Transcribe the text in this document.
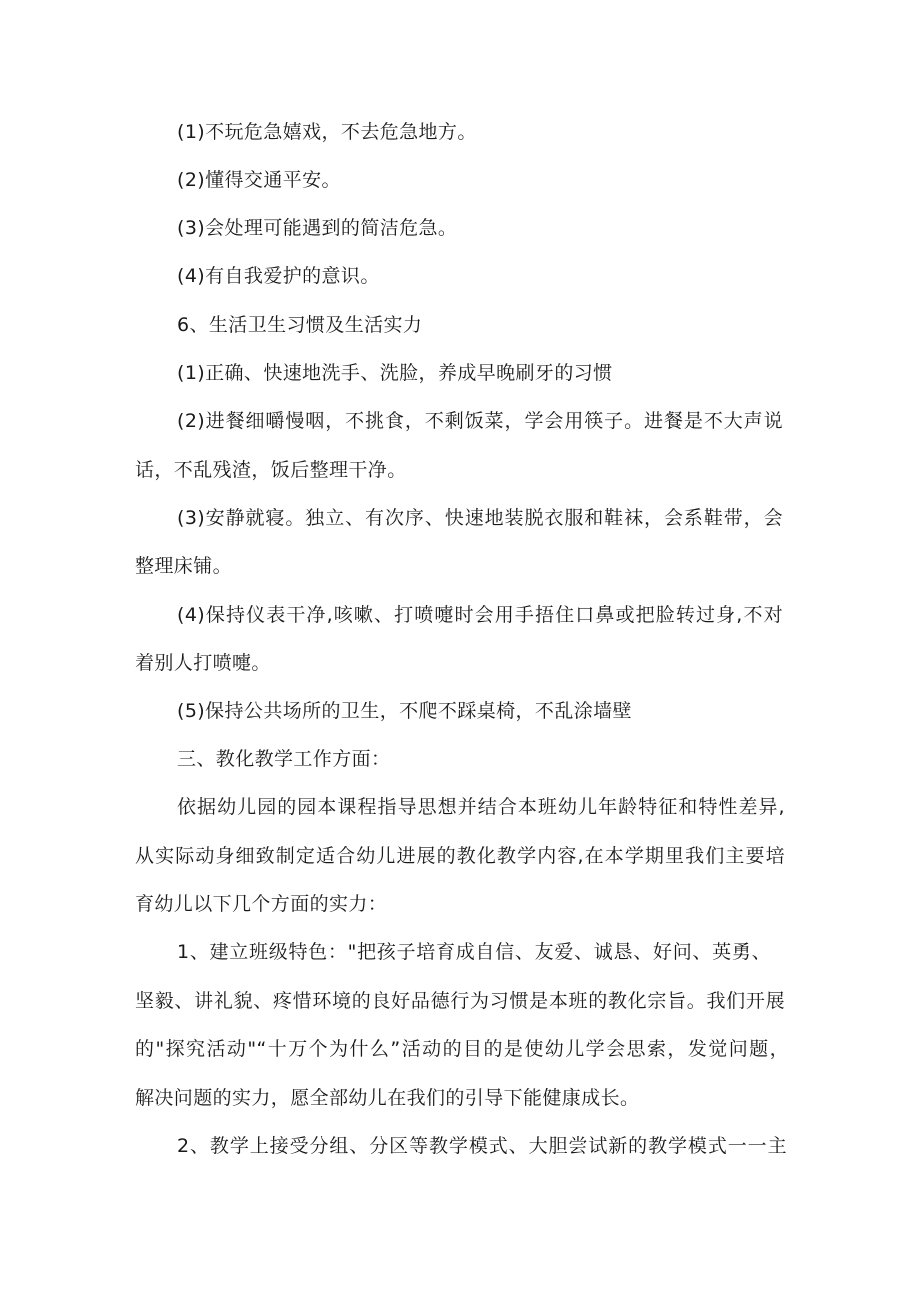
(1)不玩危急嬉戏，不去危急地方。
(2)懂得交通平安。
(3)会处理可能遇到的简洁危急。
(4)有自我爱护的意识。
6、生活卫生习惯及生活实力
(1)正确、快速地洗手、洗脸，养成早晚刷牙的习惯
(2)进餐细嚼慢咽，不挑食，不剩饭菜，学会用筷子。进餐是不大声说
话，不乱残渣，饭后整理干净。
(3)安静就寝。独立、有次序、快速地装脱衣服和鞋袜，会系鞋带，会
整理床铺。
(4)保持仪表干净,咳嗽、打喷嚏时会用手捂住口鼻或把脸转过身,不对
着别人打喷嚏。
(5)保持公共场所的卫生，不爬不踩桌椅，不乱涂墙壁
三、教化教学工作方面：
依据幼儿园的园本课程指导思想并结合本班幼儿年龄特征和特性差异,
从实际动身细致制定适合幼儿进展的教化教学内容,在本学期里我们主要培
育幼儿以下几个方面的实力：
1、建立班级特色："把孩子培育成自信、友爱、诚恳、好问、英勇、
坚毅、讲礼貌、疼惜环境的良好品德行为习惯是本班的教化宗旨。我们开展
的"探究活动"“十万个为什么”活动的目的是使幼儿学会思索，发觉问题，
解决问题的实力，愿全部幼儿在我们的引导下能健康成长。
2、教学上接受分组、分区等教学模式、大胆尝试新的教学模式一一主
